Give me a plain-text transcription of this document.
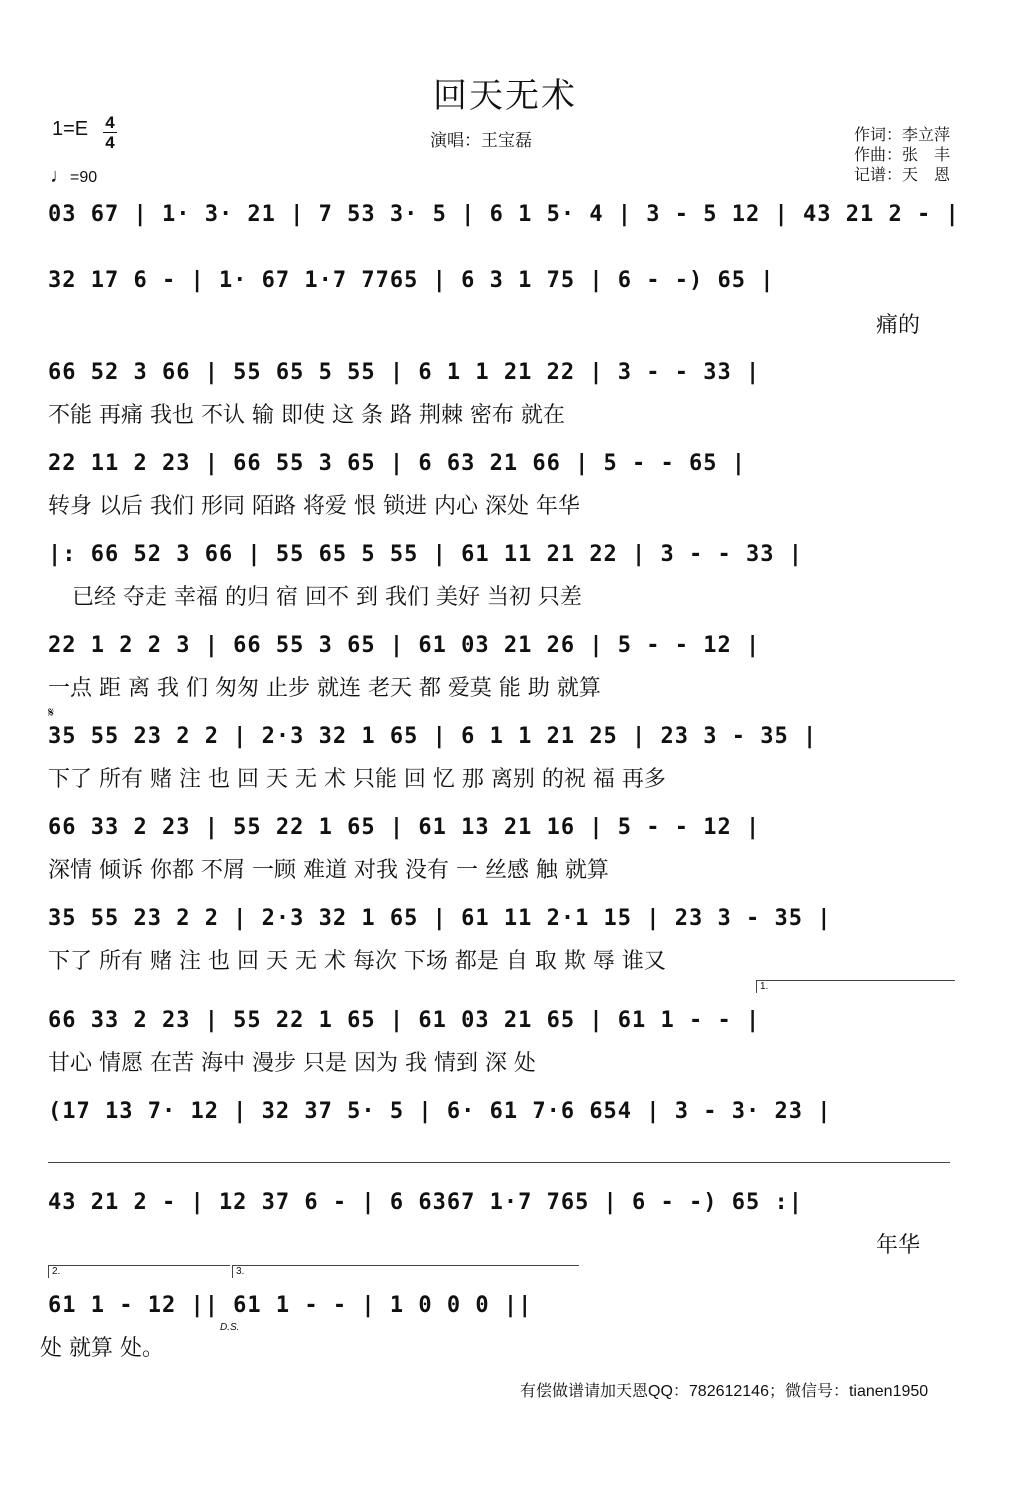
回天无术
1=E 4
4
♩=90
演唱：王宝磊	作词：李立萍
作曲：张　丰
记谱：天　恩
03 67 | 1· 3· 21 | 7 53 3· 5 | 6 1 5· 4 | 3 - 5 12 | 43 21 2 - |
32 17 6 - | 1· 67 1·7 7765 | 6 3 1 75 | 6 - -) 65 |
痛的
66 52 3 66 | 55 65 5 55 | 6 1 1 21 22 | 3 - - 33 |
不能 再痛 我也 不认 输 即使 这 条 路 荆棘 密布 就在
22 11 2 23 | 66 55 3 65 | 6 63 21 66 | 5 - - 65 |
转身 以后 我们 形同 陌路 将爱 恨 锁进 内心 深处 年华
|: 66 52 3 66 | 55 65 5 55 | 61 11 21 22 | 3 - - 33 |
已经 夺走 幸福 的归 宿 回不 到 我们 美好 当初 只差
22 1 2 2 3 | 66 55 3 65 | 61 03 21 26 | 5 - - 12 |
一点 距 离 我 们 匆匆 止步 就连 老天 都 爱莫 能 助 就算
𝄋
35 55 23 2 2 | 2·3 32 1 65 | 6 1 1 21 25 | 23 3 - 35 |
下了 所有 赌 注 也 回 天 无 术 只能 回 忆 那 离别 的祝 福 再多
66 33 2 23 | 55 22 1 65 | 61 13 21 16 | 5 - - 12 |
深情 倾诉 你都 不屑 一顾 难道 对我 没有 一 丝感 触 就算
35 55 23 2 2 | 2·3 32 1 65 | 61 11 2·1 15 | 23 3 - 35 |
下了 所有 赌 注 也 回 天 无 术 每次 下场 都是 自 取 欺 辱 谁又
1.
66 33 2 23 | 55 22 1 65 | 61 03 21 65 | 61 1 - - |
甘心 情愿 在苦 海中 漫步 只是 因为 我 情到 深 处
(17 13 7· 12 | 32 37 5· 5 | 6· 61 7·6 654 | 3 - 3· 23 |
43 21 2 - | 12 37 6 - | 6 6367 1·7 765 | 6 - -) 65 :|
年华
2.	3.
61 1 - 12 || 61 1 - - | 1 0 0 0 ||
处 就算 处。
D.S.
有偿做谱请加天恩QQ：782612146；微信号：tianen1950
